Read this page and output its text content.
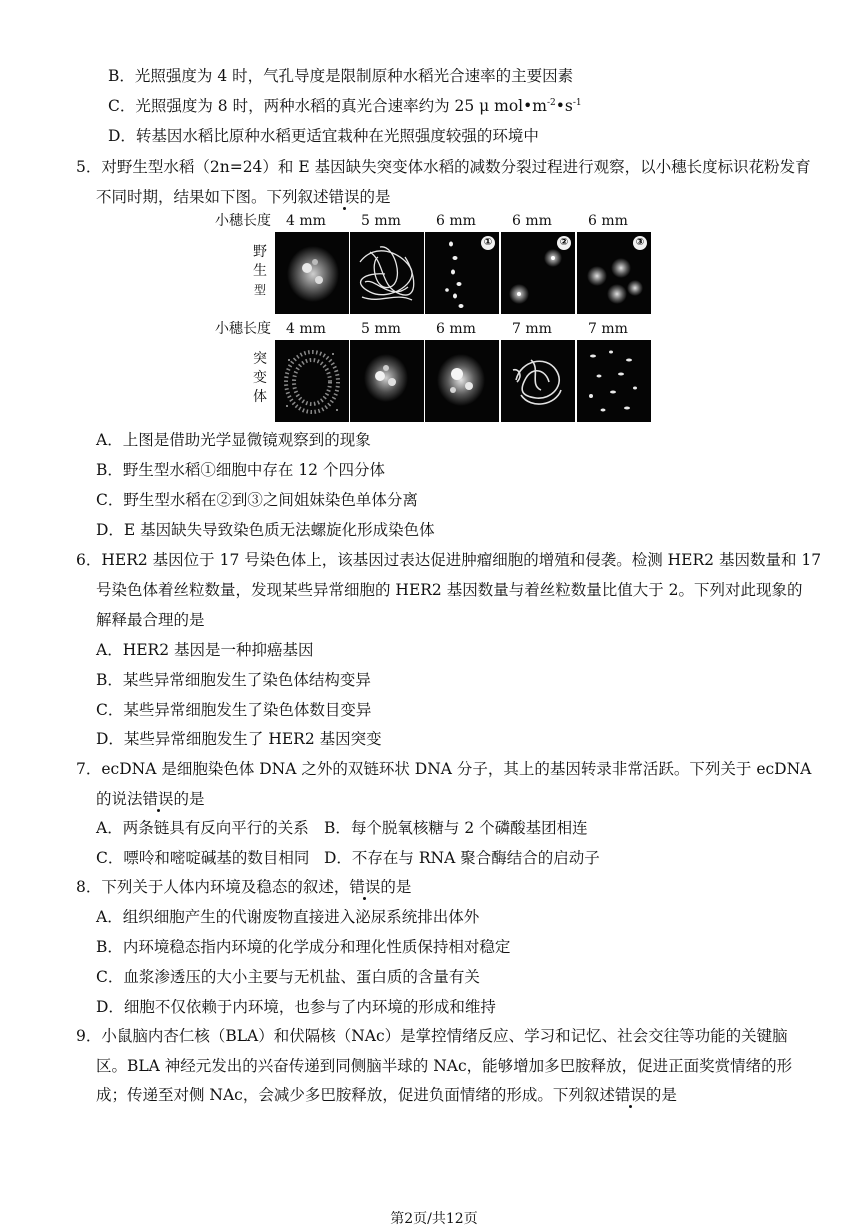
B．光照强度为 4 时，气孔导度是限制原种水稻光合速率的主要因素
C．光照强度为 8 时，两种水稻的真光合速率约为 25 μ $mol•m^{-2}•s^{-1}$
D．转基因水稻比原种水稻更适宜栽种在光照强度较强的环境中
5．对野生型水稻（2n=24）和 E 基因缺失突变体水稻的减数分裂过程进行观察，以小穗长度标识花粉发育
不同时期，结果如下图。下列叙述错误的是
小穗长度 4 mm	5 mm	6 mm	6 mm	6 mm
野
生
型
①	②	③
小穗长度 4 mm	5 mm	6 mm	7 mm	7 mm
突
变
体
A．上图是借助光学显微镜观察到的现象
B．野生型水稻①细胞中存在 12 个四分体
C．野生型水稻在②到③之间姐妹染色单体分离
D．E 基因缺失导致染色质无法螺旋化形成染色体
6．HER2 基因位于 17 号染色体上，该基因过表达促进肿瘤细胞的增殖和侵袭。检测 HER2 基因数量和 17
号染色体着丝粒数量，发现某些异常细胞的 HER2 基因数量与着丝粒数量比值大于 2。下列对此现象的
解释最合理的是
A．HER2 基因是一种抑癌基因
B．某些异常细胞发生了染色体结构变异
C．某些异常细胞发生了染色体数目变异
D．某些异常细胞发生了 HER2 基因突变
7．ecDNA 是细胞染色体 DNA 之外的双链环状 DNA 分子，其上的基因转录非常活跃。下列关于 ecDNA
的说法错误的是
A．两条链具有反向平行的关系 B．每个脱氧核糖与 2 个磷酸基团相连
C．嘌呤和嘧啶碱基的数目相同 D．不存在与 RNA 聚合酶结合的启动子
8．下列关于人体内环境及稳态的叙述，错误的是
A．组织细胞产生的代谢废物直接进入泌尿系统排出体外
B．内环境稳态指内环境的化学成分和理化性质保持相对稳定
C．血浆渗透压的大小主要与无机盐、蛋白质的含量有关
D．细胞不仅依赖于内环境，也参与了内环境的形成和维持
9．小鼠脑内杏仁核（BLA）和伏隔核（NAc）是掌控情绪反应、学习和记忆、社会交往等功能的关键脑
区。BLA 神经元发出的兴奋传递到同侧脑半球的 NAc，能够增加多巴胺释放，促进正面奖赏情绪的形
成；传递至对侧 NAc，会减少多巴胺释放，促进负面情绪的形成。下列叙述错误的是
第2页/共12页
